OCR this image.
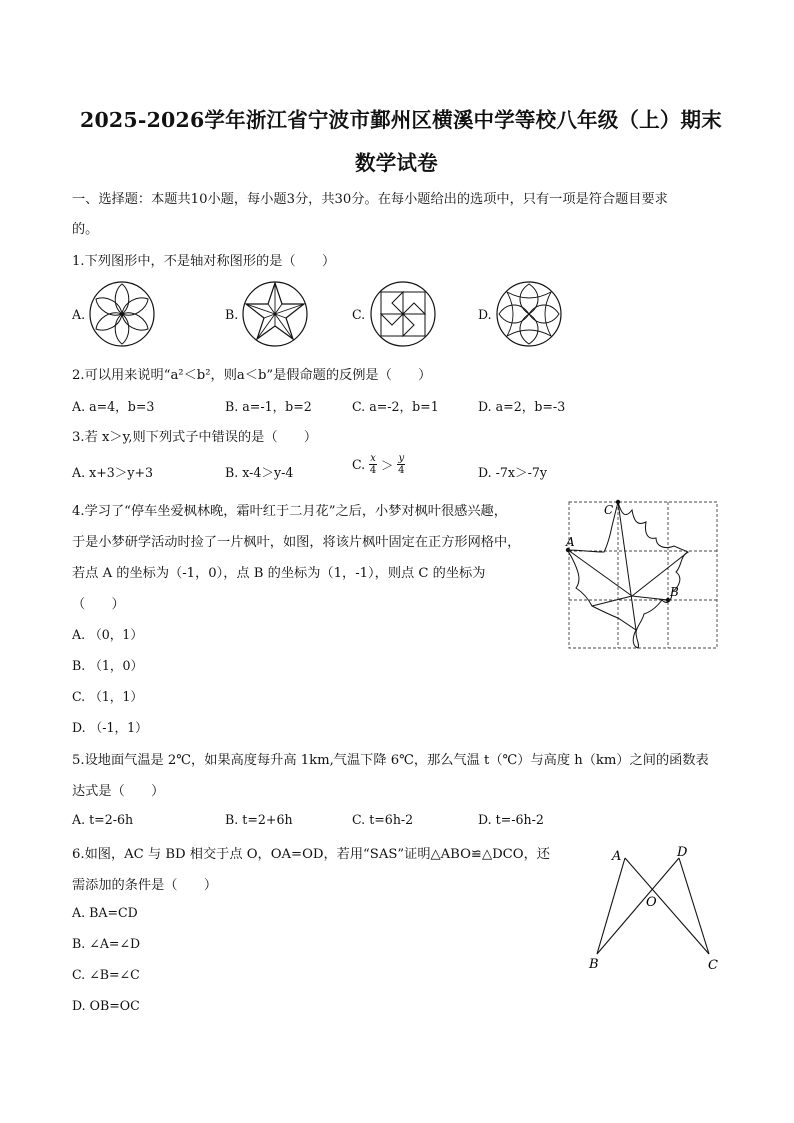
2025-2026学年浙江省宁波市鄞州区横溪中学等校八年级（上）期末
数学试卷
一、选择题：本题共10小题，每小题3分，共30分。在每小题给出的选项中，只有一项是符合题目要求
的。
1.下列图形中，不是轴对称图形的是（　　）
A.	B.	C.	D.
2.可以用来说明“a²＜b²，则a＜b”是假命题的反例是（　　）
A. a=4，b=3	B. a=-1，b=2	C. a=-2，b=1	D. a=2，b=-3
3.若 x＞y,则下列式子中错误的是（　　）
A. x+3＞y+3	B. x-4＞y-4
C. $\frac{x}{4} > \frac{y}{4}$	D. -7x＞-7y
4.学习了“停车坐爱枫林晚，霜叶红于二月花”之后，小梦对枫叶很感兴趣，
于是小梦研学活动时捡了一片枫叶，如图，将该片枫叶固定在正方形网格中，
若点 A 的坐标为（-1，0），点 B 的坐标为（1，-1），则点 C 的坐标为
（　　）
A. （0，1）
B. （1，0）
C. （1，1）
D. （-1，1）
C
A
B
5.设地面气温是 2℃，如果高度每升高 1km,气温下降 6℃，那么气温 t（℃）与高度 h（km）之间的函数表
达式是（　　）
A. t=2-6h	B. t=2+6h	C. t=6h-2	D. t=-6h-2
6.如图，AC 与 BD 相交于点 O，OA=OD，若用“SAS”证明△ABO≌△DCO，还
需添加的条件是（　　）
A. BA=CD
B. ∠A=∠D
C. ∠B=∠C
D. OB=OC
A	D
O
B	C
